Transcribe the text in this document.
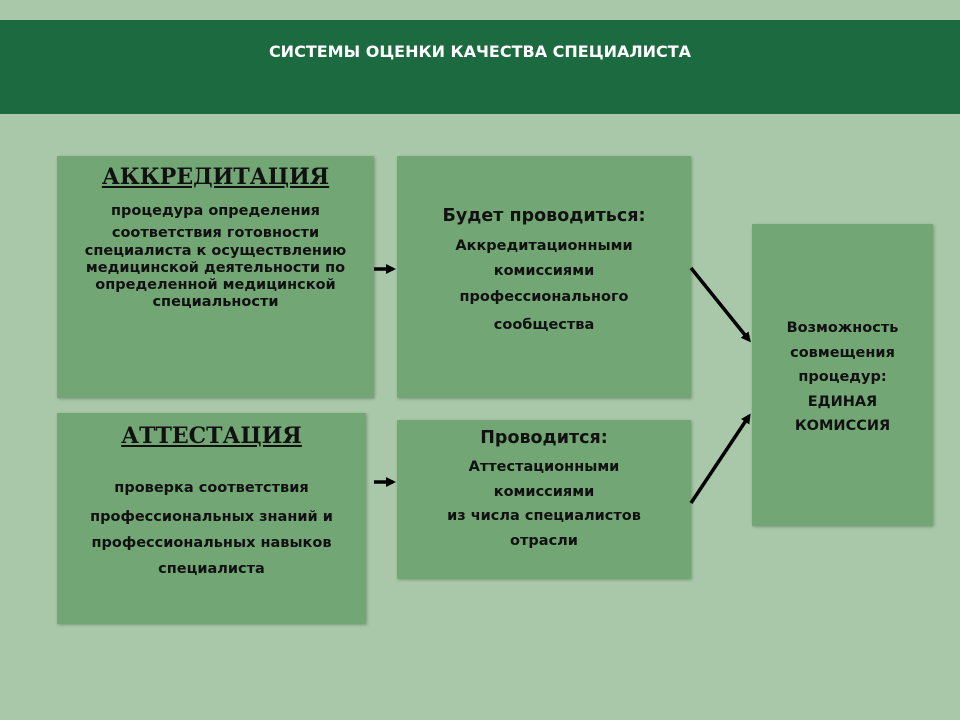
СИСТЕМЫ ОЦЕНКИ КАЧЕСТВА СПЕЦИАЛИСТА
АККРЕДИТАЦИЯ
процедура определения
соответствия готовности
специалиста к осуществлению
медицинской деятельности по
определенной медицинской
специальности
Будет проводиться:
Аккредитационными
комиссиями
профессионального
сообщества
АТТЕСТАЦИЯ
проверка соответствия
профессиональных знаний и
профессиональных навыков
специалиста
Проводится:
Аттестационными
комиссиями
из числа специалистов
отрасли
Возможность
совмещения
процедур:
ЕДИНАЯ
КОМИССИЯ
